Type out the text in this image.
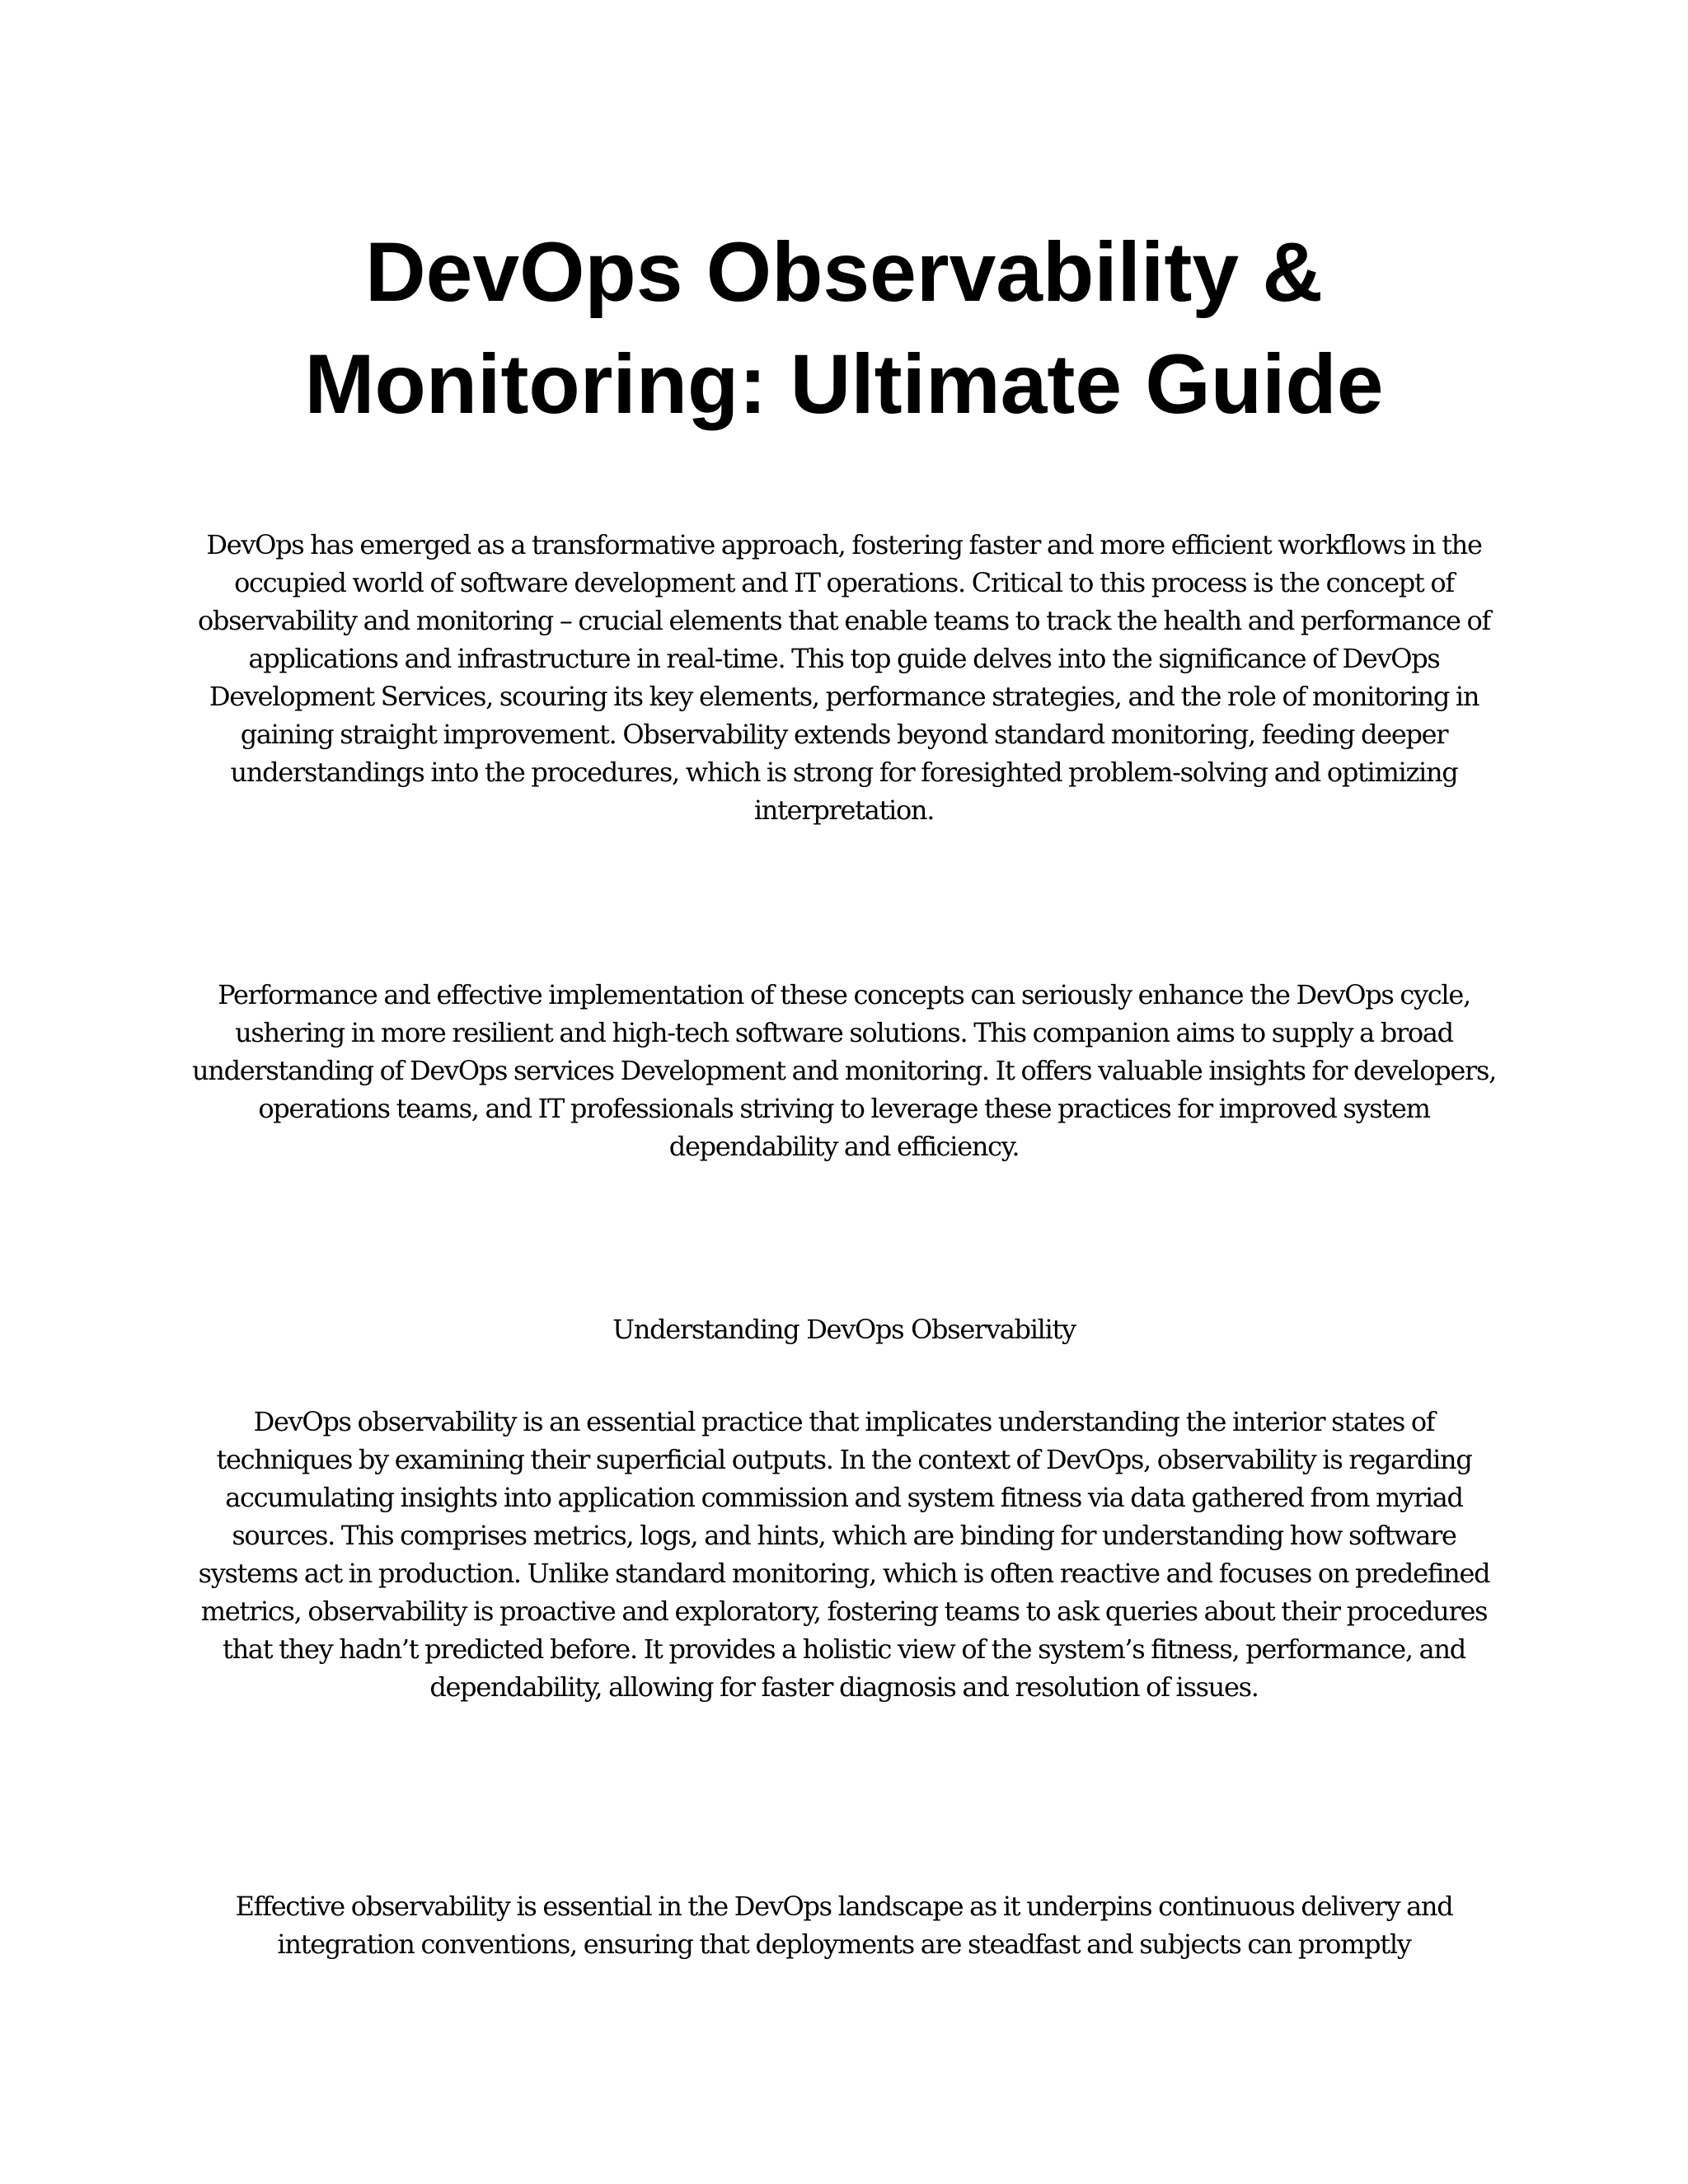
DevOps Observability & Monitoring: Ultimate Guide

DevOps has emerged as a transformative approach, fostering faster and more efficient workflows in the occupied world of software development and IT operations. Critical to this process is the concept of observability and monitoring – crucial elements that enable teams to track the health and performance of applications and infrastructure in real-time. This top guide delves into the significance of DevOps Development Services, scouring its key elements, performance strategies, and the role of monitoring in gaining straight improvement. Observability extends beyond standard monitoring, feeding deeper understandings into the procedures, which is strong for foresighted problem-solving and optimizing interpretation.

Performance and effective implementation of these concepts can seriously enhance the DevOps cycle, ushering in more resilient and high-tech software solutions. This companion aims to supply a broad understanding of DevOps services Development and monitoring. It offers valuable insights for developers, operations teams, and IT professionals striving to leverage these practices for improved system dependability and efficiency.

Understanding DevOps Observability

DevOps observability is an essential practice that implicates understanding the interior states of techniques by examining their superficial outputs. In the context of DevOps, observability is regarding accumulating insights into application commission and system fitness via data gathered from myriad sources. This comprises metrics, logs, and hints, which are binding for understanding how software systems act in production. Unlike standard monitoring, which is often reactive and focuses on predefined metrics, observability is proactive and exploratory, fostering teams to ask queries about their procedures that they hadn’t predicted before. It provides a holistic view of the system’s fitness, performance, and dependability, allowing for faster diagnosis and resolution of issues.

Effective observability is essential in the DevOps landscape as it underpins continuous delivery and integration conventions, ensuring that deployments are steadfast and subjects can promptly
